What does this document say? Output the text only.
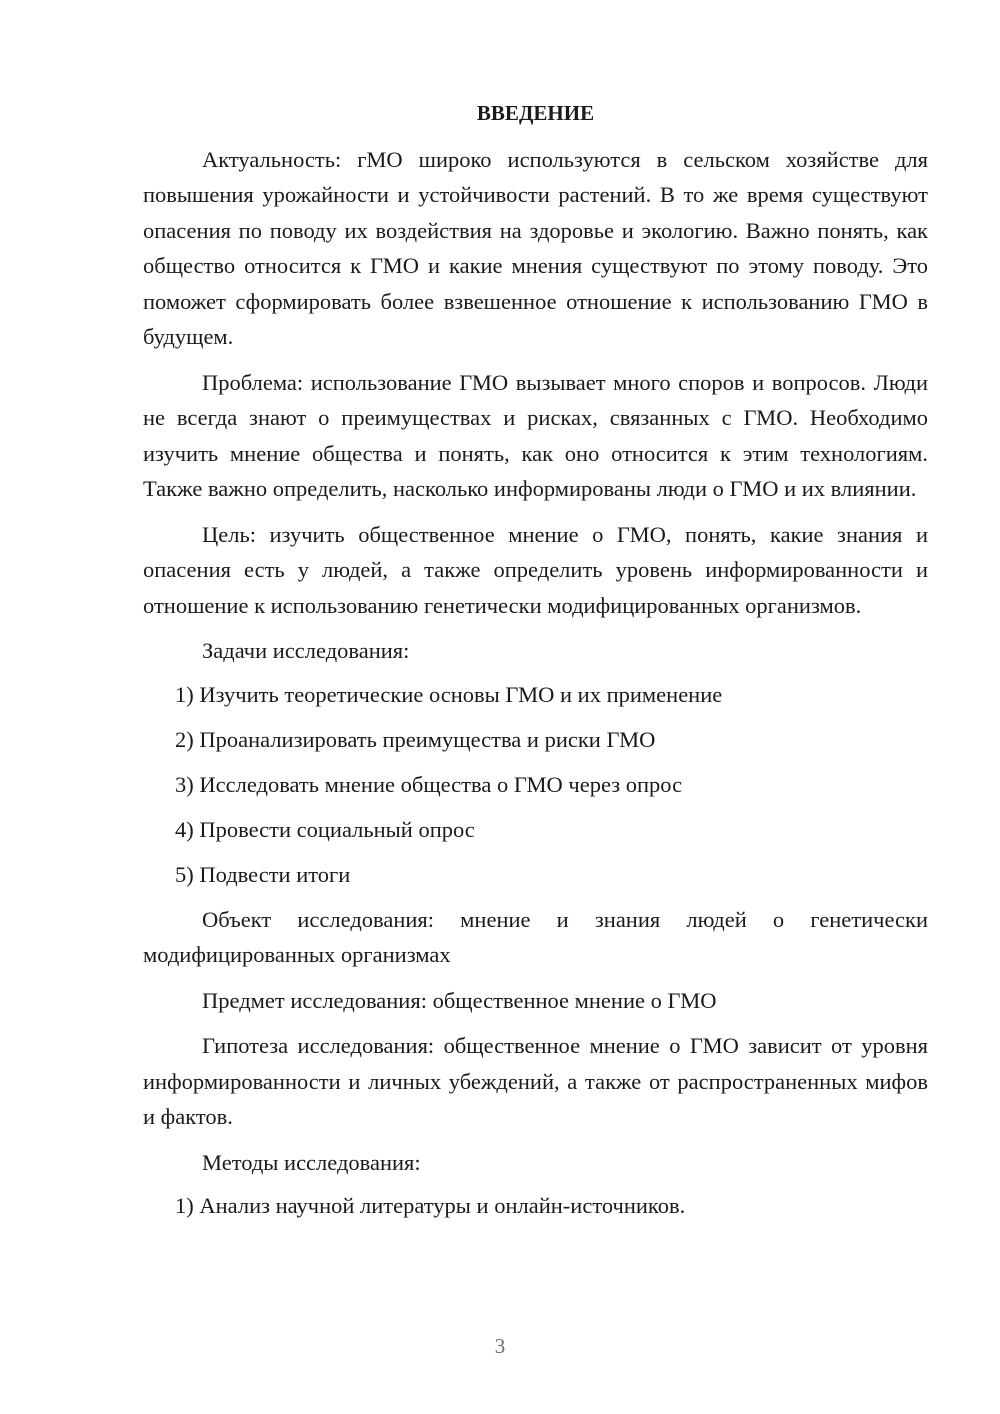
ВВЕДЕНИЕ

Актуальность: гМО широко используются в сельском хозяйстве для повышения урожайности и устойчивости растений. В то же время существуют опасения по поводу их воздействия на здоровье и экологию. Важно понять, как общество относится к ГМО и какие мнения существуют по этому поводу. Это поможет сформировать более взвешенное отношение к использованию ГМО в будущем.

Проблема: использование ГМО вызывает много споров и вопросов. Люди не всегда знают о преимуществах и рисках, связанных с ГМО. Необходимо изучить мнение общества и понять, как оно относится к этим технологиям. Также важно определить, насколько информированы люди о ГМО и их влиянии.

Цель: изучить общественное мнение о ГМО, понять, какие знания и опасения есть у людей, а также определить уровень информированности и отношение к использованию генетически модифицированных организмов.

Задачи исследования:

1) Изучить теоретические основы ГМО и их применение

2) Проанализировать преимущества и риски ГМО

3) Исследовать мнение общества о ГМО через опрос

4) Провести социальный опрос

5) Подвести итоги

Объект исследования: мнение и знания людей о генетически модифицированных организмах

Предмет исследования: общественное мнение о ГМО

Гипотеза исследования: общественное мнение о ГМО зависит от уровня информированности и личных убеждений, а также от распространенных мифов и фактов.

Методы исследования:

1) Анализ научной литературы и онлайн-источников.

3
